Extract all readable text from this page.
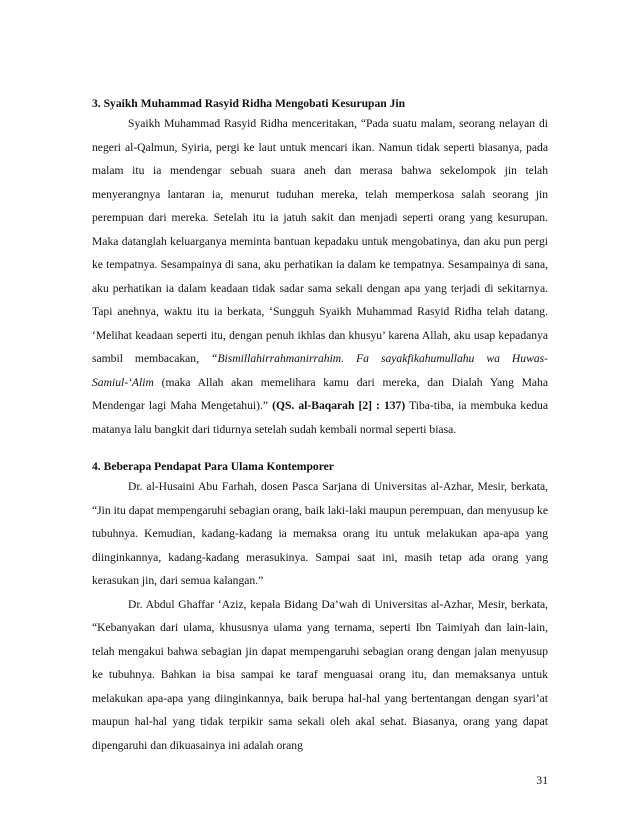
3. Syaikh Muhammad Rasyid Ridha Mengobati Kesurupan Jin

Syaikh Muhammad Rasyid Ridha menceritakan, “Pada suatu malam, seorang nelayan di negeri al-Qalmun, Syiria, pergi ke laut untuk mencari ikan. Namun tidak seperti biasanya, pada malam itu ia mendengar sebuah suara aneh dan merasa bahwa sekelompok jin telah menyerangnya lantaran ia, menurut tuduhan mereka, telah memperkosa salah seorang jin perempuan dari mereka. Setelah itu ia jatuh sakit dan menjadi seperti orang yang kesurupan. Maka datanglah keluarganya meminta bantuan kepadaku untuk mengobatinya, dan aku pun pergi ke tempatnya. Sesampainya di sana, aku perhatikan ia dalam ke tempatnya. Sesampainya di sana, aku perhatikan ia dalam keadaan tidak sadar sama sekali dengan apa yang terjadi di sekitarnya. Tapi anehnya, waktu itu ia berkata, ‘Sungguh Syaikh Muhammad Rasyid Ridha telah datang. ‘Melihat keadaan seperti itu, dengan penuh ikhlas dan khusyu’ karena Allah, aku usap kepadanya sambil membacakan, “Bismillahirrahmanirrahim. Fa sayakfikahumullahu wa Huwas-Samiul-‘Alim (maka Allah akan memelihara kamu dari mereka, dan Dialah Yang Maha Mendengar lagi Maha Mengetahui).” (QS. al-Baqarah [2] : 137) Tiba-tiba, ia membuka kedua matanya lalu bangkit dari tidurnya setelah sudah kembali normal seperti biasa.

4. Beberapa Pendapat Para Ulama Kontemporer

Dr. al-Husaini Abu Farhah, dosen Pasca Sarjana di Universitas al-Azhar, Mesir, berkata, “Jin itu dapat mempengaruhi sebagian orang, baik laki-laki maupun perempuan, dan menyusup ke tubuhnya. Kemudian, kadang-kadang ia memaksa orang itu untuk melakukan apa-apa yang diinginkannya, kadang-kadang merasukinya. Sampai saat ini, masih tetap ada orang yang kerasukan jin, dari semua kalangan.”

Dr. Abdul Ghaffar ‘Aziz, kepala Bidang Da’wah di Universitas al-Azhar, Mesir, berkata, “Kebanyakan dari ulama, khususnya ulama yang ternama, seperti Ibn Taimiyah dan lain-lain, telah mengakui bahwa sebagian jin dapat mempengaruhi sebagian orang dengan jalan menyusup ke tubuhnya. Bahkan ia bisa sampai ke taraf menguasai orang itu, dan memaksanya untuk melakukan apa-apa yang diinginkannya, baik berupa hal-hal yang bertentangan dengan syari’at maupun hal-hal yang tidak terpikir sama sekali oleh akal sehat. Biasanya, orang yang dapat dipengaruhi dan dikuasainya ini adalah orang

31
